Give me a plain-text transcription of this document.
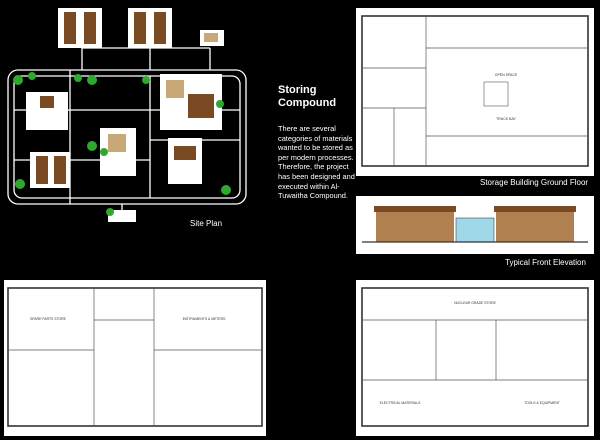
Site Plan
Storing
Compound
There are several categories of materials wanted to be stored as per modern processes. Therefore, the project has been designed and executed within Al-Tuwaitha Compound.
OPEN SPACE
TRUCK BAY
Storage Building Ground Floor
Typical Front Elevation
SPARE PARTS STORE	INSTRUMENTS & METERS
NUCLEAR GRADE STORE
ELECTRICAL MATERIALS	TOOLS & EQUIPMENT
